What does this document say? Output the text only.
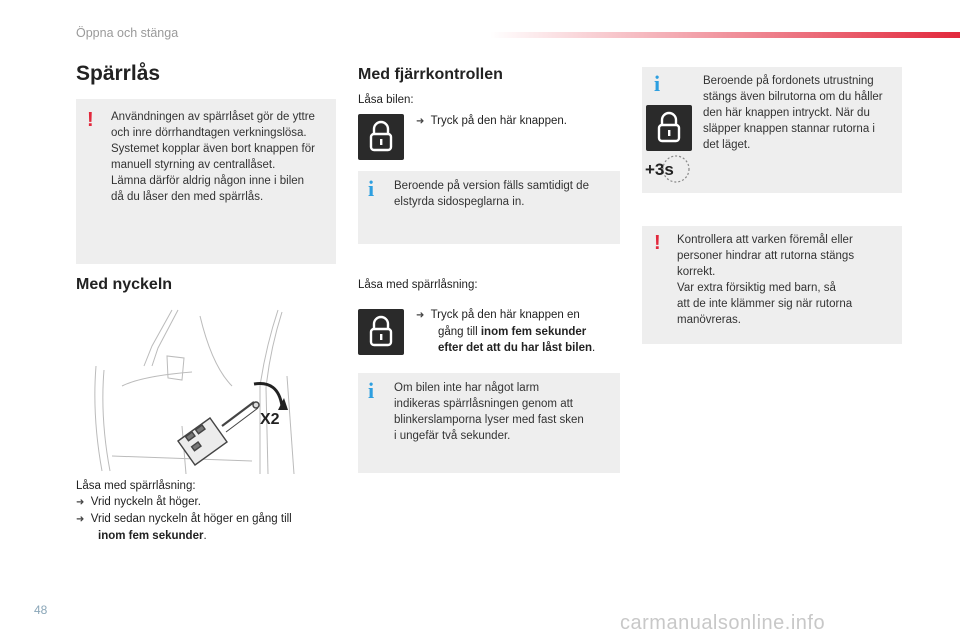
Öppna och stänga
Spärrlås
! Användningen av spärrlåset gör de yttre
och inre dörrhandtagen verkningslösa.
Systemet kopplar även bort knappen för
manuell styrning av centrallåset.
Lämna därför aldrig någon inne i bilen
då du låser den med spärrlås.
Med nyckeln
X2
Låsa med spärrlåsning:
➜ Vrid nyckeln åt höger.
➜ Vrid sedan nyckeln åt höger en gång till
inom fem sekunder.
Med fjärrkontrollen
Låsa bilen:
➜ Tryck på den här knappen.
i Beroende på version fälls samtidigt de
elstyrda sidospeglarna in.
Låsa med spärrlåsning:
➜ Tryck på den här knappen en
gång till inom fem sekunder
efter det att du har låst bilen.
i Om bilen inte har något larm
indikeras spärrlåsningen genom att
blinkerslamporna lyser med fast sken
i ungefär två sekunder.
i
+3s
Beroende på fordonets utrustning
stängs även bilrutorna om du håller
den här knappen intryckt. När du
släpper knappen stannar rutorna i
det läget.
! Kontrollera att varken föremål eller
personer hindrar att rutorna stängs
korrekt.
Var extra försiktig med barn, så
att de inte klämmer sig när rutorna
manövreras.
48
carmanualsonline.info
